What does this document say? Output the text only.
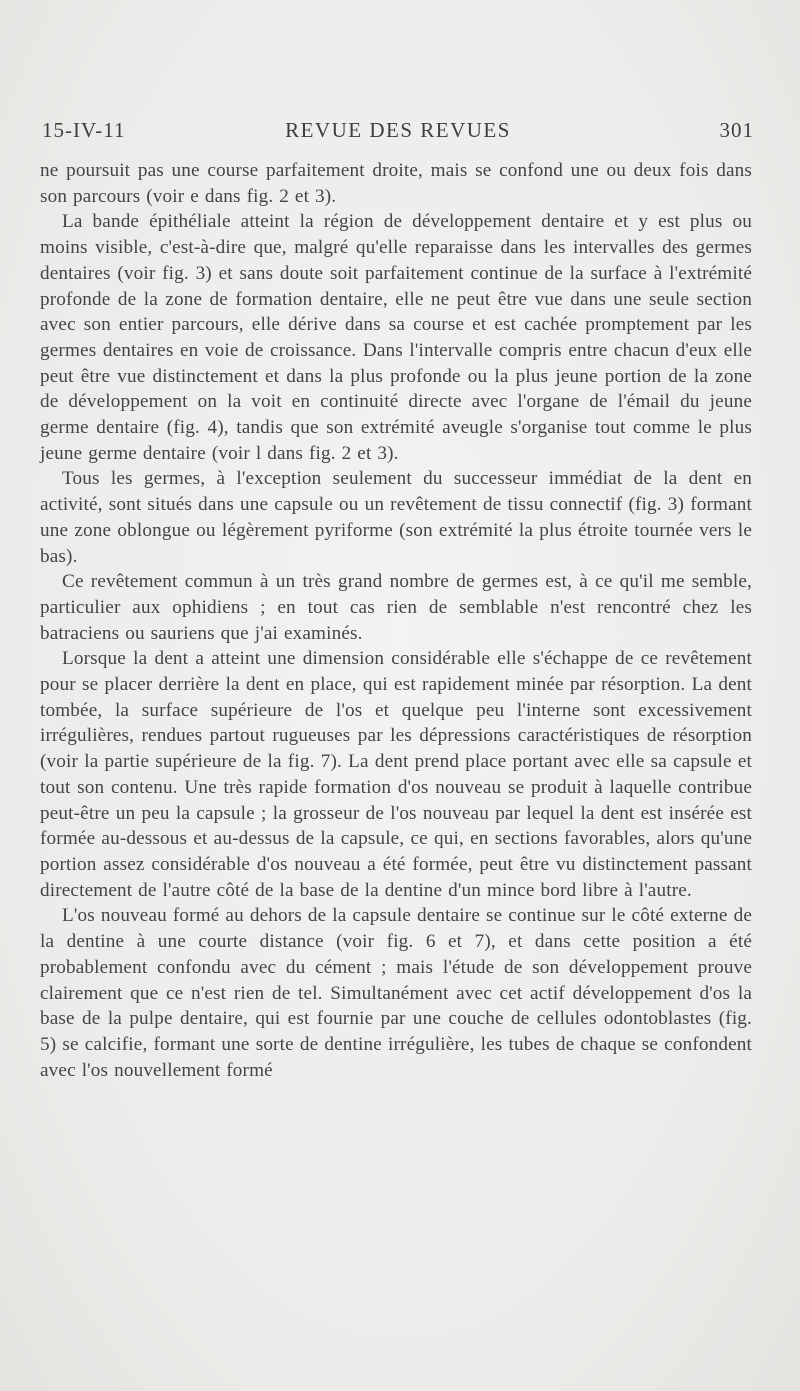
15-IV-11	REVUE DES REVUES	301

ne poursuit pas une course parfaitement droite, mais se confond une ou deux fois dans son parcours (voir e dans fig. 2 et 3).

La bande épithéliale atteint la région de développement dentaire et y est plus ou moins visible, c'est-à-dire que, malgré qu'elle reparaisse dans les intervalles des germes dentaires (voir fig. 3) et sans doute soit parfaitement continue de la surface à l'extrémité profonde de la zone de formation dentaire, elle ne peut être vue dans une seule section avec son entier parcours, elle dérive dans sa course et est cachée promptement par les germes dentaires en voie de croissance. Dans l'intervalle compris entre chacun d'eux elle peut être vue distinctement et dans la plus profonde ou la plus jeune portion de la zone de développement on la voit en continuité directe avec l'organe de l'émail du jeune germe dentaire (fig. 4), tandis que son extrémité aveugle s'organise tout comme le plus jeune germe dentaire (voir l dans fig. 2 et 3).

Tous les germes, à l'exception seulement du successeur immédiat de la dent en activité, sont situés dans une capsule ou un revêtement de tissu connectif (fig. 3) formant une zone oblongue ou légèrement pyriforme (son extrémité la plus étroite tournée vers le bas).

Ce revêtement commun à un très grand nombre de germes est, à ce qu'il me semble, particulier aux ophidiens ; en tout cas rien de semblable n'est rencontré chez les batraciens ou sauriens que j'ai examinés.

Lorsque la dent a atteint une dimension considérable elle s'échappe de ce revêtement pour se placer derrière la dent en place, qui est rapidement minée par résorption. La dent tombée, la surface supérieure de l'os et quelque peu l'interne sont excessivement irrégulières, rendues partout rugueuses par les dépressions caractéristiques de résorption (voir la partie supérieure de la fig. 7). La dent prend place portant avec elle sa capsule et tout son contenu. Une très rapide formation d'os nouveau se produit à laquelle contribue peut-être un peu la capsule ; la grosseur de l'os nouveau par lequel la dent est insérée est formée au-dessous et au-dessus de la capsule, ce qui, en sections favorables, alors qu'une portion assez considérable d'os nouveau a été formée, peut être vu distinctement passant directement de l'autre côté de la base de la dentine d'un mince bord libre à l'autre.

L'os nouveau formé au dehors de la capsule dentaire se continue sur le côté externe de la dentine à une courte distance (voir fig. 6 et 7), et dans cette position a été probablement confondu avec du cément ; mais l'étude de son développement prouve clairement que ce n'est rien de tel. Simultanément avec cet actif développement d'os la base de la pulpe dentaire, qui est fournie par une couche de cellules odontoblastes (fig. 5) se calcifie, formant une sorte de dentine irrégulière, les tubes de chaque se confondent avec l'os nouvellement formé
